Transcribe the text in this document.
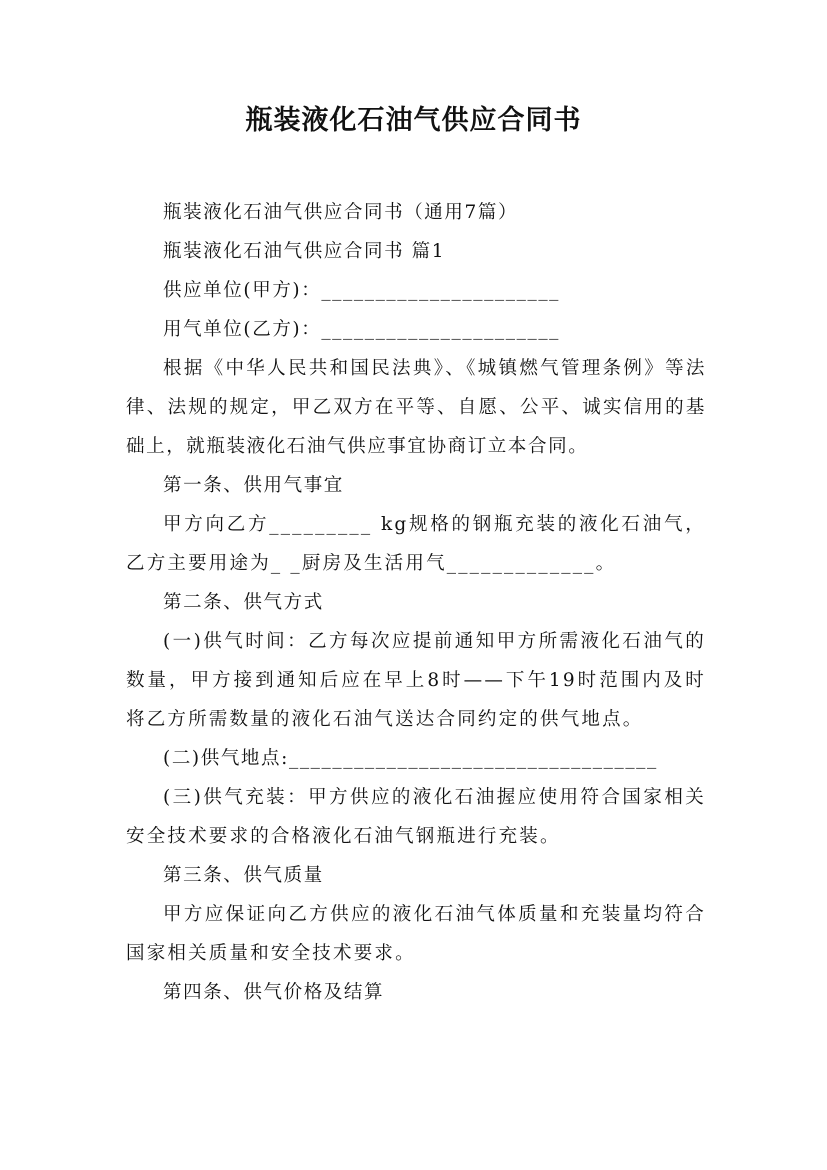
瓶装液化石油气供应合同书

瓶装液化石油气供应合同书（通用7篇）

瓶装液化石油气供应合同书 篇1

供应单位(甲方)：______________________

用气单位(乙方)：______________________

根据《中华人民共和国民法典》、《城镇燃气管理条例》等法律、法规的规定，甲乙双方在平等、自愿、公平、诚实信用的基础上，就瓶装液化石油气供应事宜协商订立本合同。

第一条、供用气事宜

甲方向乙方_________ kg规格的钢瓶充装的液化石油气，乙方主要用途为_ _厨房及生活用气_____________。

第二条、供气方式

(一)供气时间：乙方每次应提前通知甲方所需液化石油气的数量，甲方接到通知后应在早上8时——下午19时范围内及时将乙方所需数量的液化石油气送达合同约定的供气地点。

(二)供气地点:__________________________________

(三)供气充装：甲方供应的液化石油握应使用符合国家相关安全技术要求的合格液化石油气钢瓶进行充装。

第三条、供气质量

甲方应保证向乙方供应的液化石油气体质量和充装量均符合国家相关质量和安全技术要求。

第四条、供气价格及结算
